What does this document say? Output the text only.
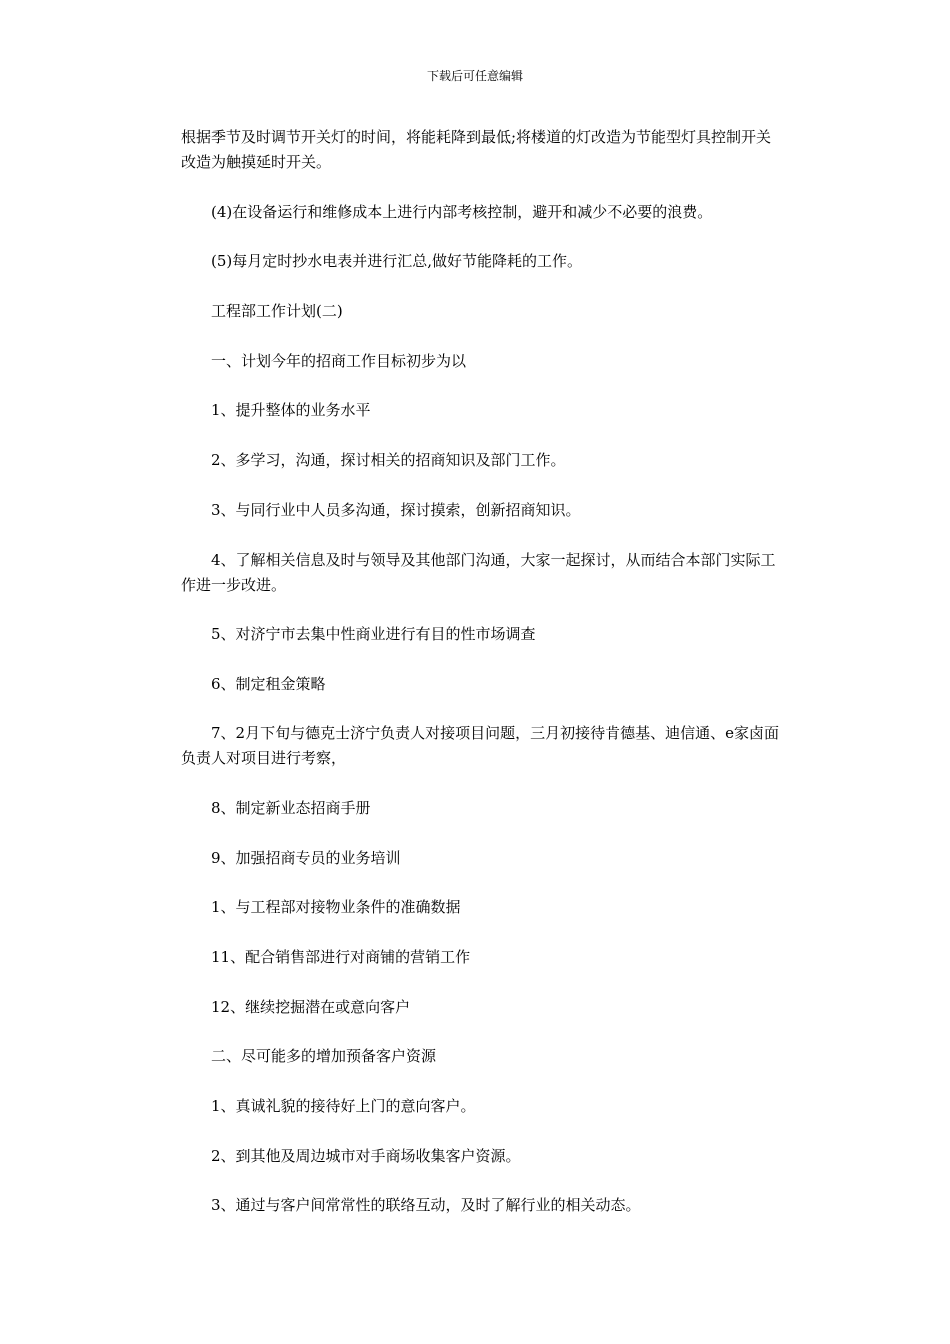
下载后可任意编辑

根据季节及时调节开关灯的时间，将能耗降到最低;将楼道的灯改造为节能型灯具控制开关改造为触摸延时开关。

　　(4)在设备运行和维修成本上进行内部考核控制，避开和减少不必要的浪费。

　　(5)每月定时抄水电表并进行汇总,做好节能降耗的工作。

　　工程部工作计划(二)

　　一、计划今年的招商工作目标初步为以

　　1、提升整体的业务水平

　　2、多学习，沟通，探讨相关的招商知识及部门工作。

　　3、与同行业中人员多沟通，探讨摸索，创新招商知识。

　　4、了解相关信息及时与领导及其他部门沟通，大家一起探讨，从而结合本部门实际工作进一步改进。

　　5、对济宁市去集中性商业进行有目的性市场调查

　　6、制定租金策略

　　7、2月下旬与德克士济宁负责人对接项目问题，三月初接待肯德基、迪信通、e家卤面负责人对项目进行考察，

　　8、制定新业态招商手册

　　9、加强招商专员的业务培训

　　1、与工程部对接物业条件的准确数据

　　11、配合销售部进行对商铺的营销工作

　　12、继续挖掘潜在或意向客户

　　二、尽可能多的增加预备客户资源

　　1、真诚礼貌的接待好上门的意向客户。

　　2、到其他及周边城市对手商场收集客户资源。

　　3、通过与客户间常常性的联络互动，及时了解行业的相关动态。
